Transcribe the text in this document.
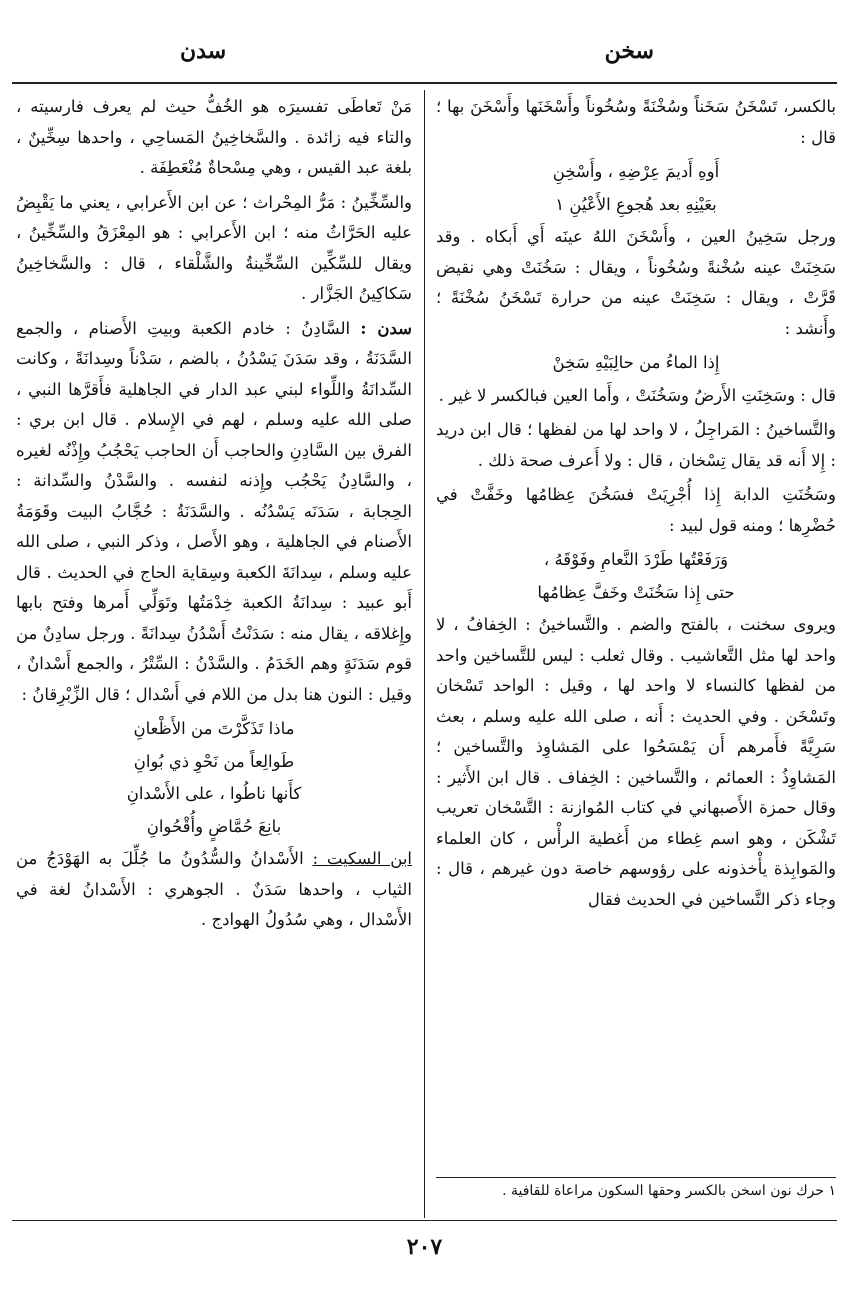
سخن
سدن

بالكسر، تَسْخَنُ سَخَناً وسُخْنَةً وسُخُوناً وأَسْخَنَها وأَسْخَنَ بها ؛ قال :

أَوهِ أَديمَ عِرْضِهِ ، وأَسْخِنِ

بعَيْنِهِ بعد هُجوعِ الأَعْيُنِ ١

ورجل سَخِينُ العين ، وأَسْخَنَ اللهُ عينَه أَي أَبكاه . وقد سَخِنَتْ عينه سُخْنةً وسُخُوناً ، ويقال : سَخُنَتْ وهي نقيض قَرَّتْ ، ويقال : سَخِنَتْ عينه من حرارة تَسْخَنُ سُخْنَةً ؛ وأَنشد :

إِذا الماءُ من حالِبَيْهِ سَخِنْ

قال : وسَخِنَتِ الأَرضُ وسَخُنَتْ ، وأَما العين فبالكسر لا غير .

والتَّساخينُ : المَراجِلُ ، لا واحد لها من لفظها ؛ قال ابن دريد : إِلا أَنه قد يقال تِسْخان ، قال : ولا أَعرف صحة ذلك .

وسَخُنَتِ الدابة إِذا أُجْرِيَتْ فسَخُنَ عِظامُها وخَفَّتْ في حُضْرِها ؛ ومنه قول لبيد :

وَرَفَعْتُها طَرْدَ النَّعامِ وفَوْقَهُ ،

حتى إِذا سَخُنَتْ وخَفَّ عِظامُها

ويروى سخنت ، بالفتح والضم . والتَّساخينُ : الخِفافُ ، لا واحد لها مثل التَّعاشيب . وقال ثعلب : ليس للتَّساخين واحد من لفظها كالنساء لا واحد لها ، وقيل : الواحد تَسْخان وتَسْخَن . وفي الحديث : أَنه ، صلى الله عليه وسلم ، بعث سَرِيَّةً فأَمرهم أَن يَمْسَحُوا على المَشاوِذ والتَّساخين ؛ المَشاوِذُ : العمائم ، والتَّساخين : الخِفاف . قال ابن الأَثير : وقال حمزة الأَصبهاني في كتاب المُوازنة : التَّسْخان تعريب تَشْكَن ، وهو اسم غِطاء من أَغطية الرأْس ، كان العلماء والمَوابِذة يأْخذونه على رؤوسهم خاصة دون غيرهم ، قال : وجاء ذكر التَّساخين في الحديث فقال

مَنْ تَعاطَى تفسيرَه هو الخُفُّ حيث لم يعرف فارسيته ، والتاء فيه زائدة . والسَّخاخِينُ المَساحِي ، واحدها سِخِّينٌ ، بلغة عبد القيس ، وهي مِسْحاةٌ مُنْعَطِفَة .

والسِّخِّينُ : مَرُّ المِحْراث ؛ عن ابن الأَعرابي ، يعني ما يَقْبِضُ عليه الحَرَّاثُ منه ؛ ابن الأَعرابي : هو المِعْزَقُ والسِّخِّينُ ، ويقال للسِّكِّين السِّخِّينةُ والشَّلْقاء ، قال : والسَّخاخِينُ سَكاكِينُ الجَزَّار .

سدن : السَّادِنُ : خادم الكعبة وبيتِ الأَصنام ، والجمع السَّدَنَةُ ، وقد سَدَنَ يَسْدُنُ ، بالضم ، سَدْناً وسِدانَةً ، وكانت السِّدانَةُ واللِّواء لبني عبد الدار في الجاهلية فأَقرَّها النبي ، صلى الله عليه وسلم ، لهم في الإِسلام . قال ابن بري : الفرق بين السَّادِنِ والحاجب أَن الحاجب يَحْجُبُ وإِذْنُه لغيره ، والسَّادِنُ يَحْجُب وإِذنه لنفسه . والسَّدْنُ والسِّدانة : الحِجابة ، سَدَنَه يَسْدُنُه . والسَّدَنَةُ : حُجَّابُ البيت وقَوَمَةُ الأَصنام في الجاهلية ، وهو الأَصل ، وذكر النبي ، صلى الله عليه وسلم ، سِدانَةَ الكعبة وسِقاية الحاج في الحديث . قال أَبو عبيد : سِدانَةُ الكعبة خِدْمَتُها وتَوَلِّي أَمرها وفتح بابها وإِغلاقه ، يقال منه : سَدَنْتُ أَسْدُنُ سِدانَةً . ورجل سادِنٌ من قوم سَدَنَةٍ وهم الخَدَمُ . والسَّدْنُ : السِّتْرُ ، والجمع أَسْدانٌ ، وقيل : النون هنا بدل من اللام في أَسْدال ؛ قال الزِّبْرِقانُ :

ماذا تَذَكَّرْتَ من الأَظْعانِ

طَوالِعاً من نَحْوِ ذي بُوانِ

كأَنها ناطُوا ، على الأَسْدانِ

بانِعَ حُمَّاضٍ وأُقْحُوانِ

ابن السكيت : الأَسْدانُ والسُّدُونُ ما جُلِّلَ به الهَوْدَجُ من الثياب ، واحدها سَدَنٌ . الجوهري : الأَسْدانُ لغة في الأَسْدال ، وهي سُدُولُ الهوادج .

١ حرك نون اسخن بالكسر وحقها السكون مراعاة للقافية .
٢٠٧
